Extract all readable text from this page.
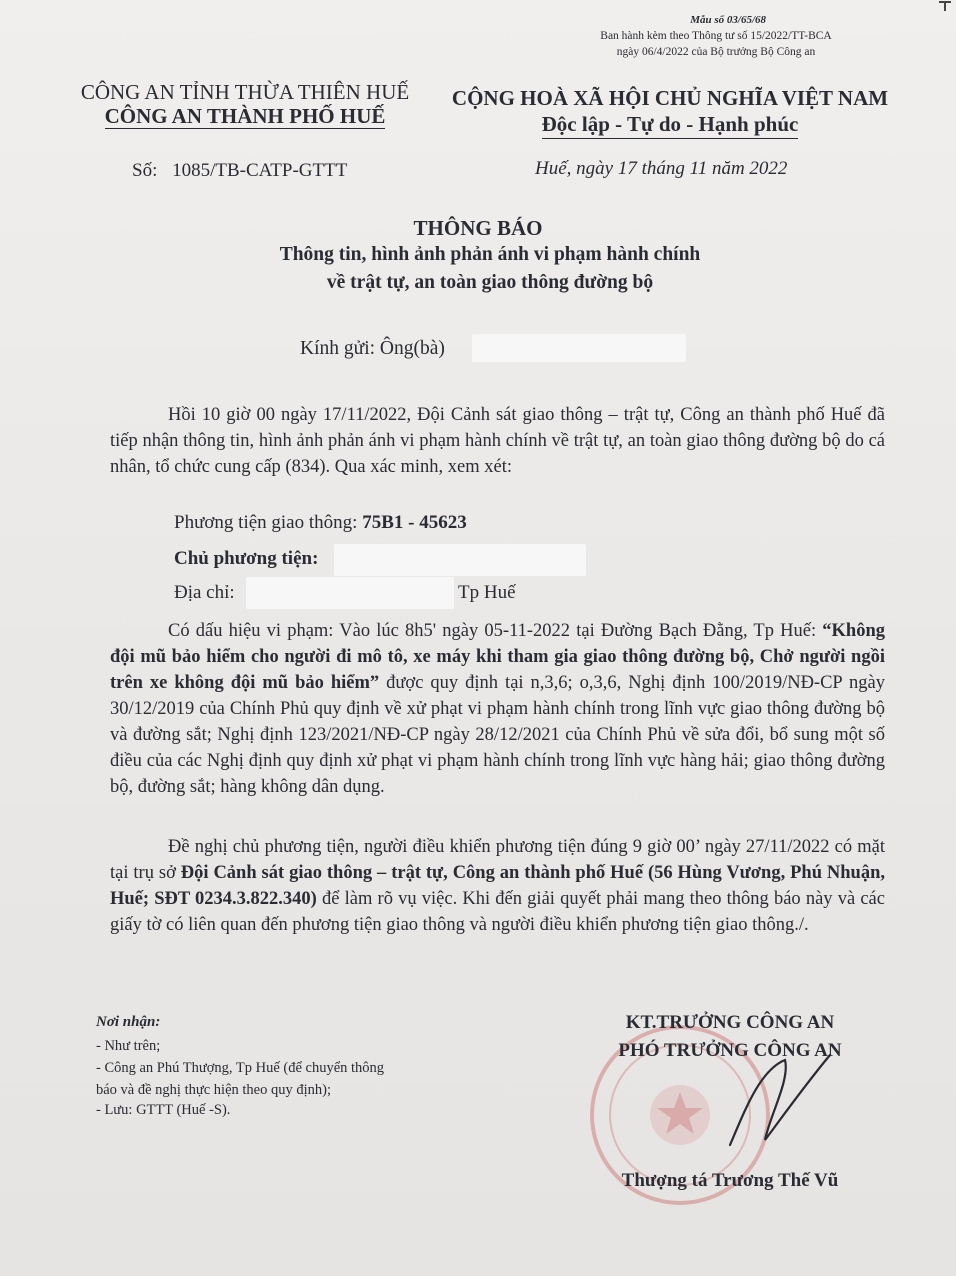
Mẫu số 03/65/68
Ban hành kèm theo Thông tư số 15/2022/TT-BCA
ngày 06/4/2022 của Bộ trưởng Bộ Công an
CÔNG AN TỈNH THỪA THIÊN HUẾ
CÔNG AN THÀNH PHỐ HUẾ
CỘNG HOÀ XÃ HỘI CHỦ NGHĨA VIỆT NAM
Độc lập - Tự do - Hạnh phúc
Số: 1085/TB-CATP-GTTT	Huế, ngày 17 tháng 11 năm 2022
THÔNG BÁO
Thông tin, hình ảnh phản ánh vi phạm hành chính
về trật tự, an toàn giao thông đường bộ
Kính gửi: Ông(bà)
Hồi 10 giờ 00 ngày 17/11/2022, Đội Cảnh sát giao thông – trật tự, Công an thành phố Huế đã tiếp nhận thông tin, hình ảnh phản ánh vi phạm hành chính về trật tự, an toàn giao thông đường bộ do cá nhân, tổ chức cung cấp (834). Qua xác minh, xem xét:
Phương tiện giao thông: 75B1 - 45623
Chủ phương tiện:
Địa chỉ:	Tp Huế
Có dấu hiệu vi phạm: Vào lúc 8h5' ngày 05-11-2022 tại Đường Bạch Đằng, Tp Huế: “Không đội mũ bảo hiểm cho người đi mô tô, xe máy khi tham gia giao thông đường bộ, Chở người ngồi trên xe không đội mũ bảo hiểm” được quy định tại n,3,6; o,3,6, Nghị định 100/2019/NĐ-CP ngày 30/12/2019 của Chính Phủ quy định về xử phạt vi phạm hành chính trong lĩnh vực giao thông đường bộ và đường sắt; Nghị định 123/2021/NĐ-CP ngày 28/12/2021 của Chính Phủ về sửa đổi, bổ sung một số điều của các Nghị định quy định xử phạt vi phạm hành chính trong lĩnh vực hàng hải; giao thông đường bộ, đường sắt; hàng không dân dụng.
Đề nghị chủ phương tiện, người điều khiển phương tiện đúng 9 giờ 00’ ngày 27/11/2022 có mặt tại trụ sở Đội Cảnh sát giao thông – trật tự, Công an thành phố Huế (56 Hùng Vương, Phú Nhuận, Huế; SĐT 0234.3.822.340) để làm rõ vụ việc. Khi đến giải quyết phải mang theo thông báo này và các giấy tờ có liên quan đến phương tiện giao thông và người điều khiển phương tiện giao thông./.
Nơi nhận:
- Như trên;
- Công an Phú Thượng, Tp Huế (để chuyển thông
báo và đề nghị thực hiện theo quy định);
- Lưu: GTTT (Huế -S).
KT.TRƯỞNG CÔNG AN
PHÓ TRƯỞNG CÔNG AN
Thượng tá Trương Thế Vũ
